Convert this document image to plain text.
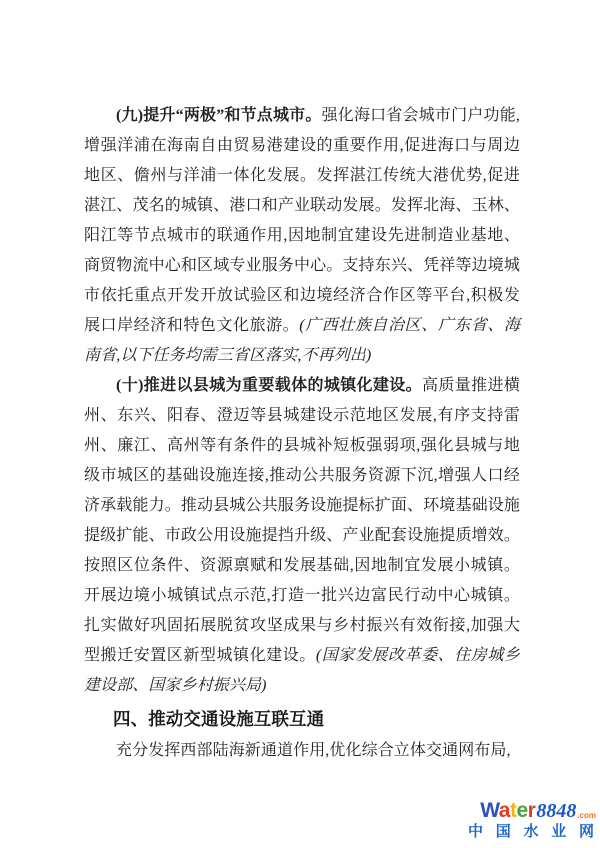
(九)提升“两极”和节点城市。强化海口省会城市门户功能,增强洋浦在海南自由贸易港建设的重要作用,促进海口与周边地区、儋州与洋浦一体化发展。发挥湛江传统大港优势,促进湛江、茂名的城镇、港口和产业联动发展。发挥北海、玉林、阳江等节点城市的联通作用,因地制宜建设先进制造业基地、商贸物流中心和区域专业服务中心。支持东兴、凭祥等边境城市依托重点开发开放试验区和边境经济合作区等平台,积极发展口岸经济和特色文化旅游。(广西壮族自治区、广东省、海南省,以下任务均需三省区落实,不再列出)

(十)推进以县城为重要载体的城镇化建设。高质量推进横州、东兴、阳春、澄迈等县城建设示范地区发展,有序支持雷州、廉江、高州等有条件的县城补短板强弱项,强化县城与地级市城区的基础设施连接,推动公共服务资源下沉,增强人口经济承载能力。推动县城公共服务设施提标扩面、环境基础设施提级扩能、市政公用设施提挡升级、产业配套设施提质增效。按照区位条件、资源禀赋和发展基础,因地制宜发展小城镇。开展边境小城镇试点示范,打造一批兴边富民行动中心城镇。扎实做好巩固拓展脱贫攻坚成果与乡村振兴有效衔接,加强大型搬迁安置区新型城镇化建设。(国家发展改革委、住房城乡建设部、国家乡村振兴局)

四、推动交通设施互联互通

充分发挥西部陆海新通道作用,优化综合立体交通网布局,

Water 8848 .com
中 国 水 业 网
